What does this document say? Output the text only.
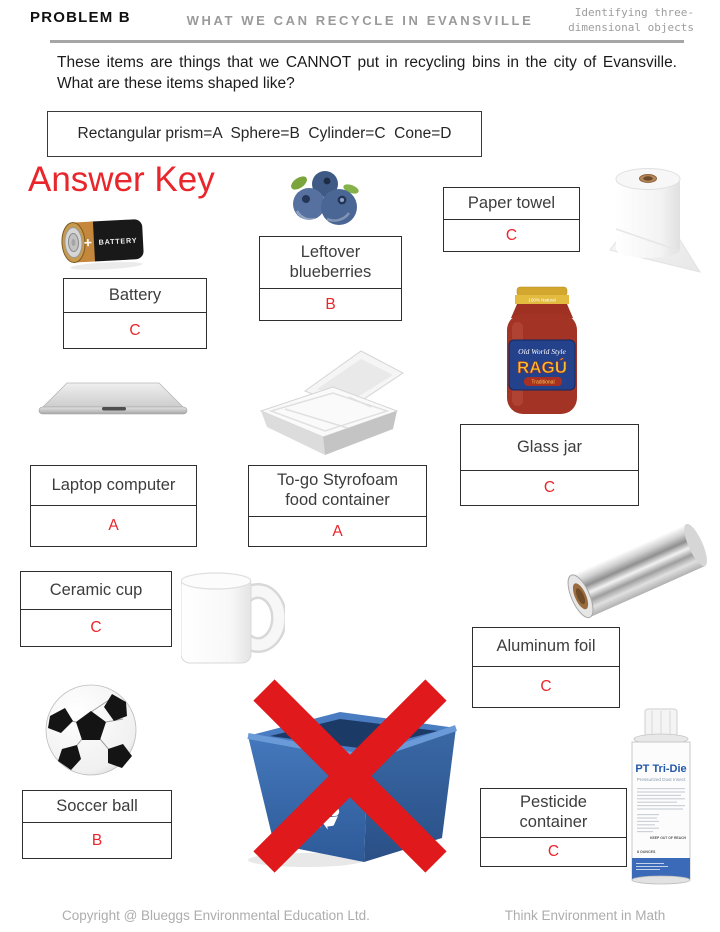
PROBLEM B	WHAT WE CAN RECYCLE IN EVANSVILLE
Identifying three-
dimensional objects
These items are things that we CANNOT put in recycling bins in the city of Evansville. What are these items shaped like?
Rectangular prism=A  Sphere=B  Cylinder=C  Cone=D
Answer Key
+ BATTERY
100% Natural
Old World Style
RAGÚ
Traditional
PT Tri-Die
Pressurized Dust Insect
KEEP OUT OF REACH
8 OUNCES
Battery
C
Leftover
blueberries
B
Paper towel
C
Laptop computer
A
To-go Styrofoam
food container
A
Glass jar
C
Ceramic cup
C
Aluminum foil
C
Soccer ball
B
Pesticide
container
C
Copyright @ Blueggs Environmental Education Ltd.	Think Environment in Math
